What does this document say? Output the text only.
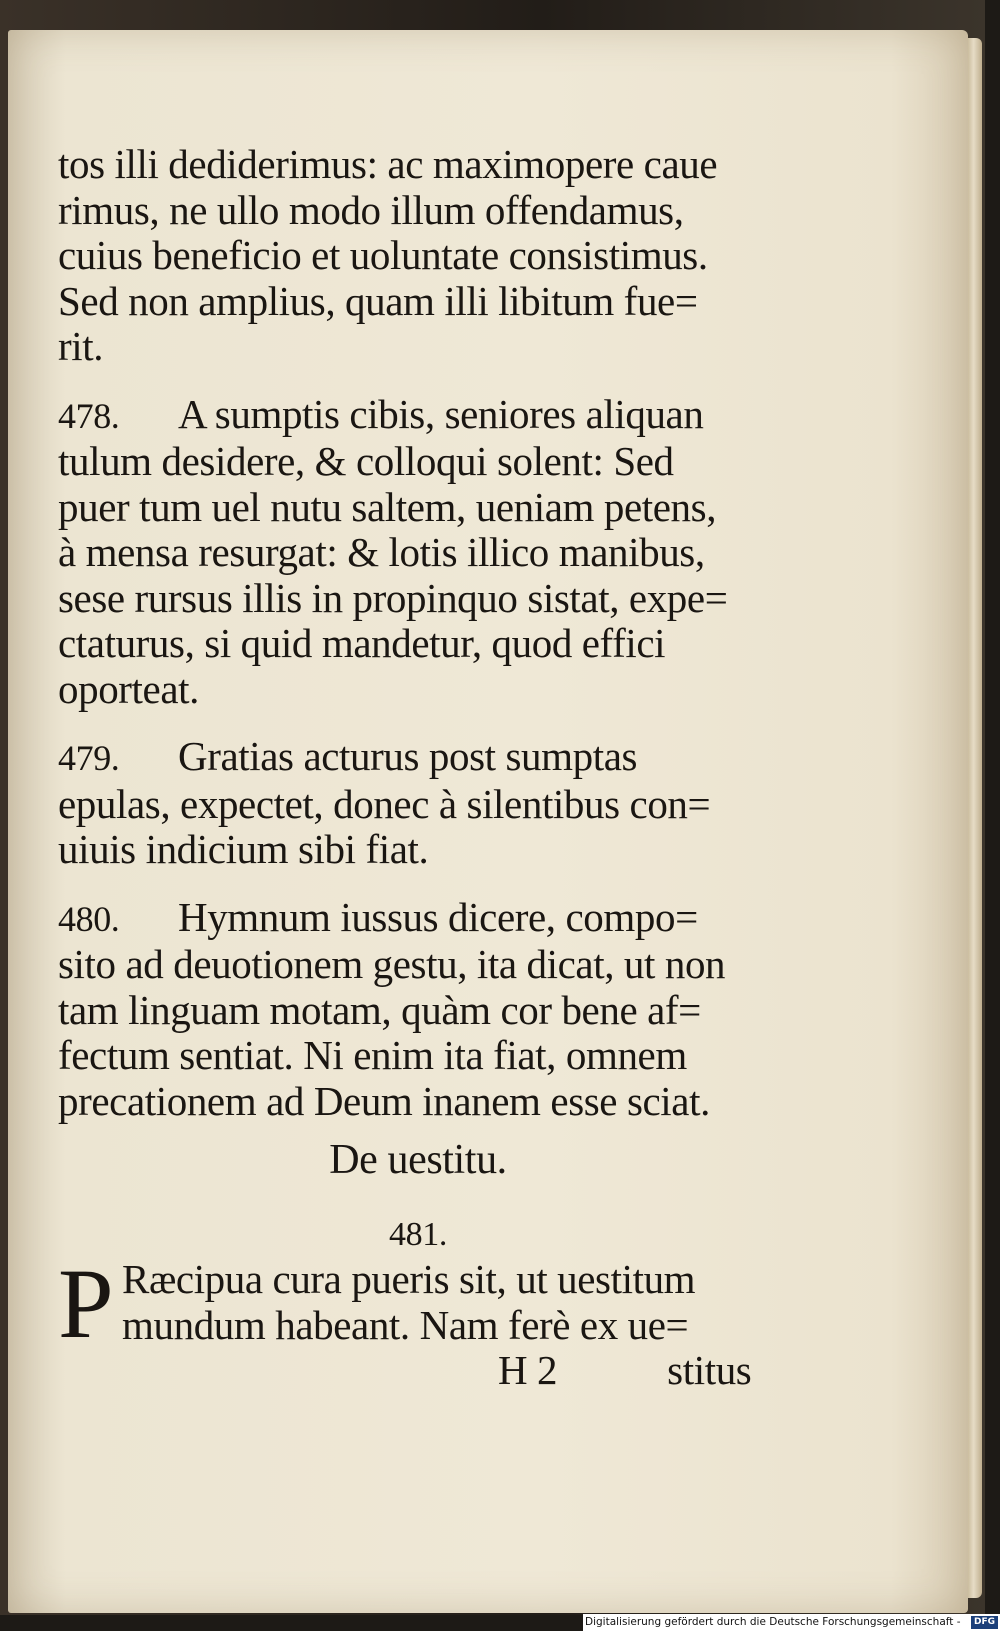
tos illi dediderimus: ac maximopere caue
rimus, ne ullo modo illum offendamus,
cuius beneficio et uoluntate consistimus.
Sed non amplius, quam illi libitum fue=
rit.
478. A sumptis cibis, seniores aliquan
tulum desidere, & colloqui solent: Sed
puer tum uel nutu saltem, ueniam petens,
à mensa resurgat: & lotis illico manibus,
sese rursus illis in propinquo sistat, expe=
ctaturus, si quid mandetur, quod effici
oporteat.
479. Gratias acturus post sumptas
epulas, expectet, donec à silentibus con=
uiuis indicium sibi fiat.
480. Hymnum iussus dicere, compo=
sito ad deuotionem gestu, ita dicat, ut non
tam linguam motam, quàm cor bene af=
fectum sentiat. Ni enim ita fiat, omnem
precationem ad Deum inanem esse sciat.
De uestitu.
481.
P Ræcipua cura pueris sit, ut uestitum
mundum habeant. Nam ferè ex ue=
H 2	stitus
Digitalisierung gefördert durch die Deutsche Forschungsgemeinschaft -	DFG
